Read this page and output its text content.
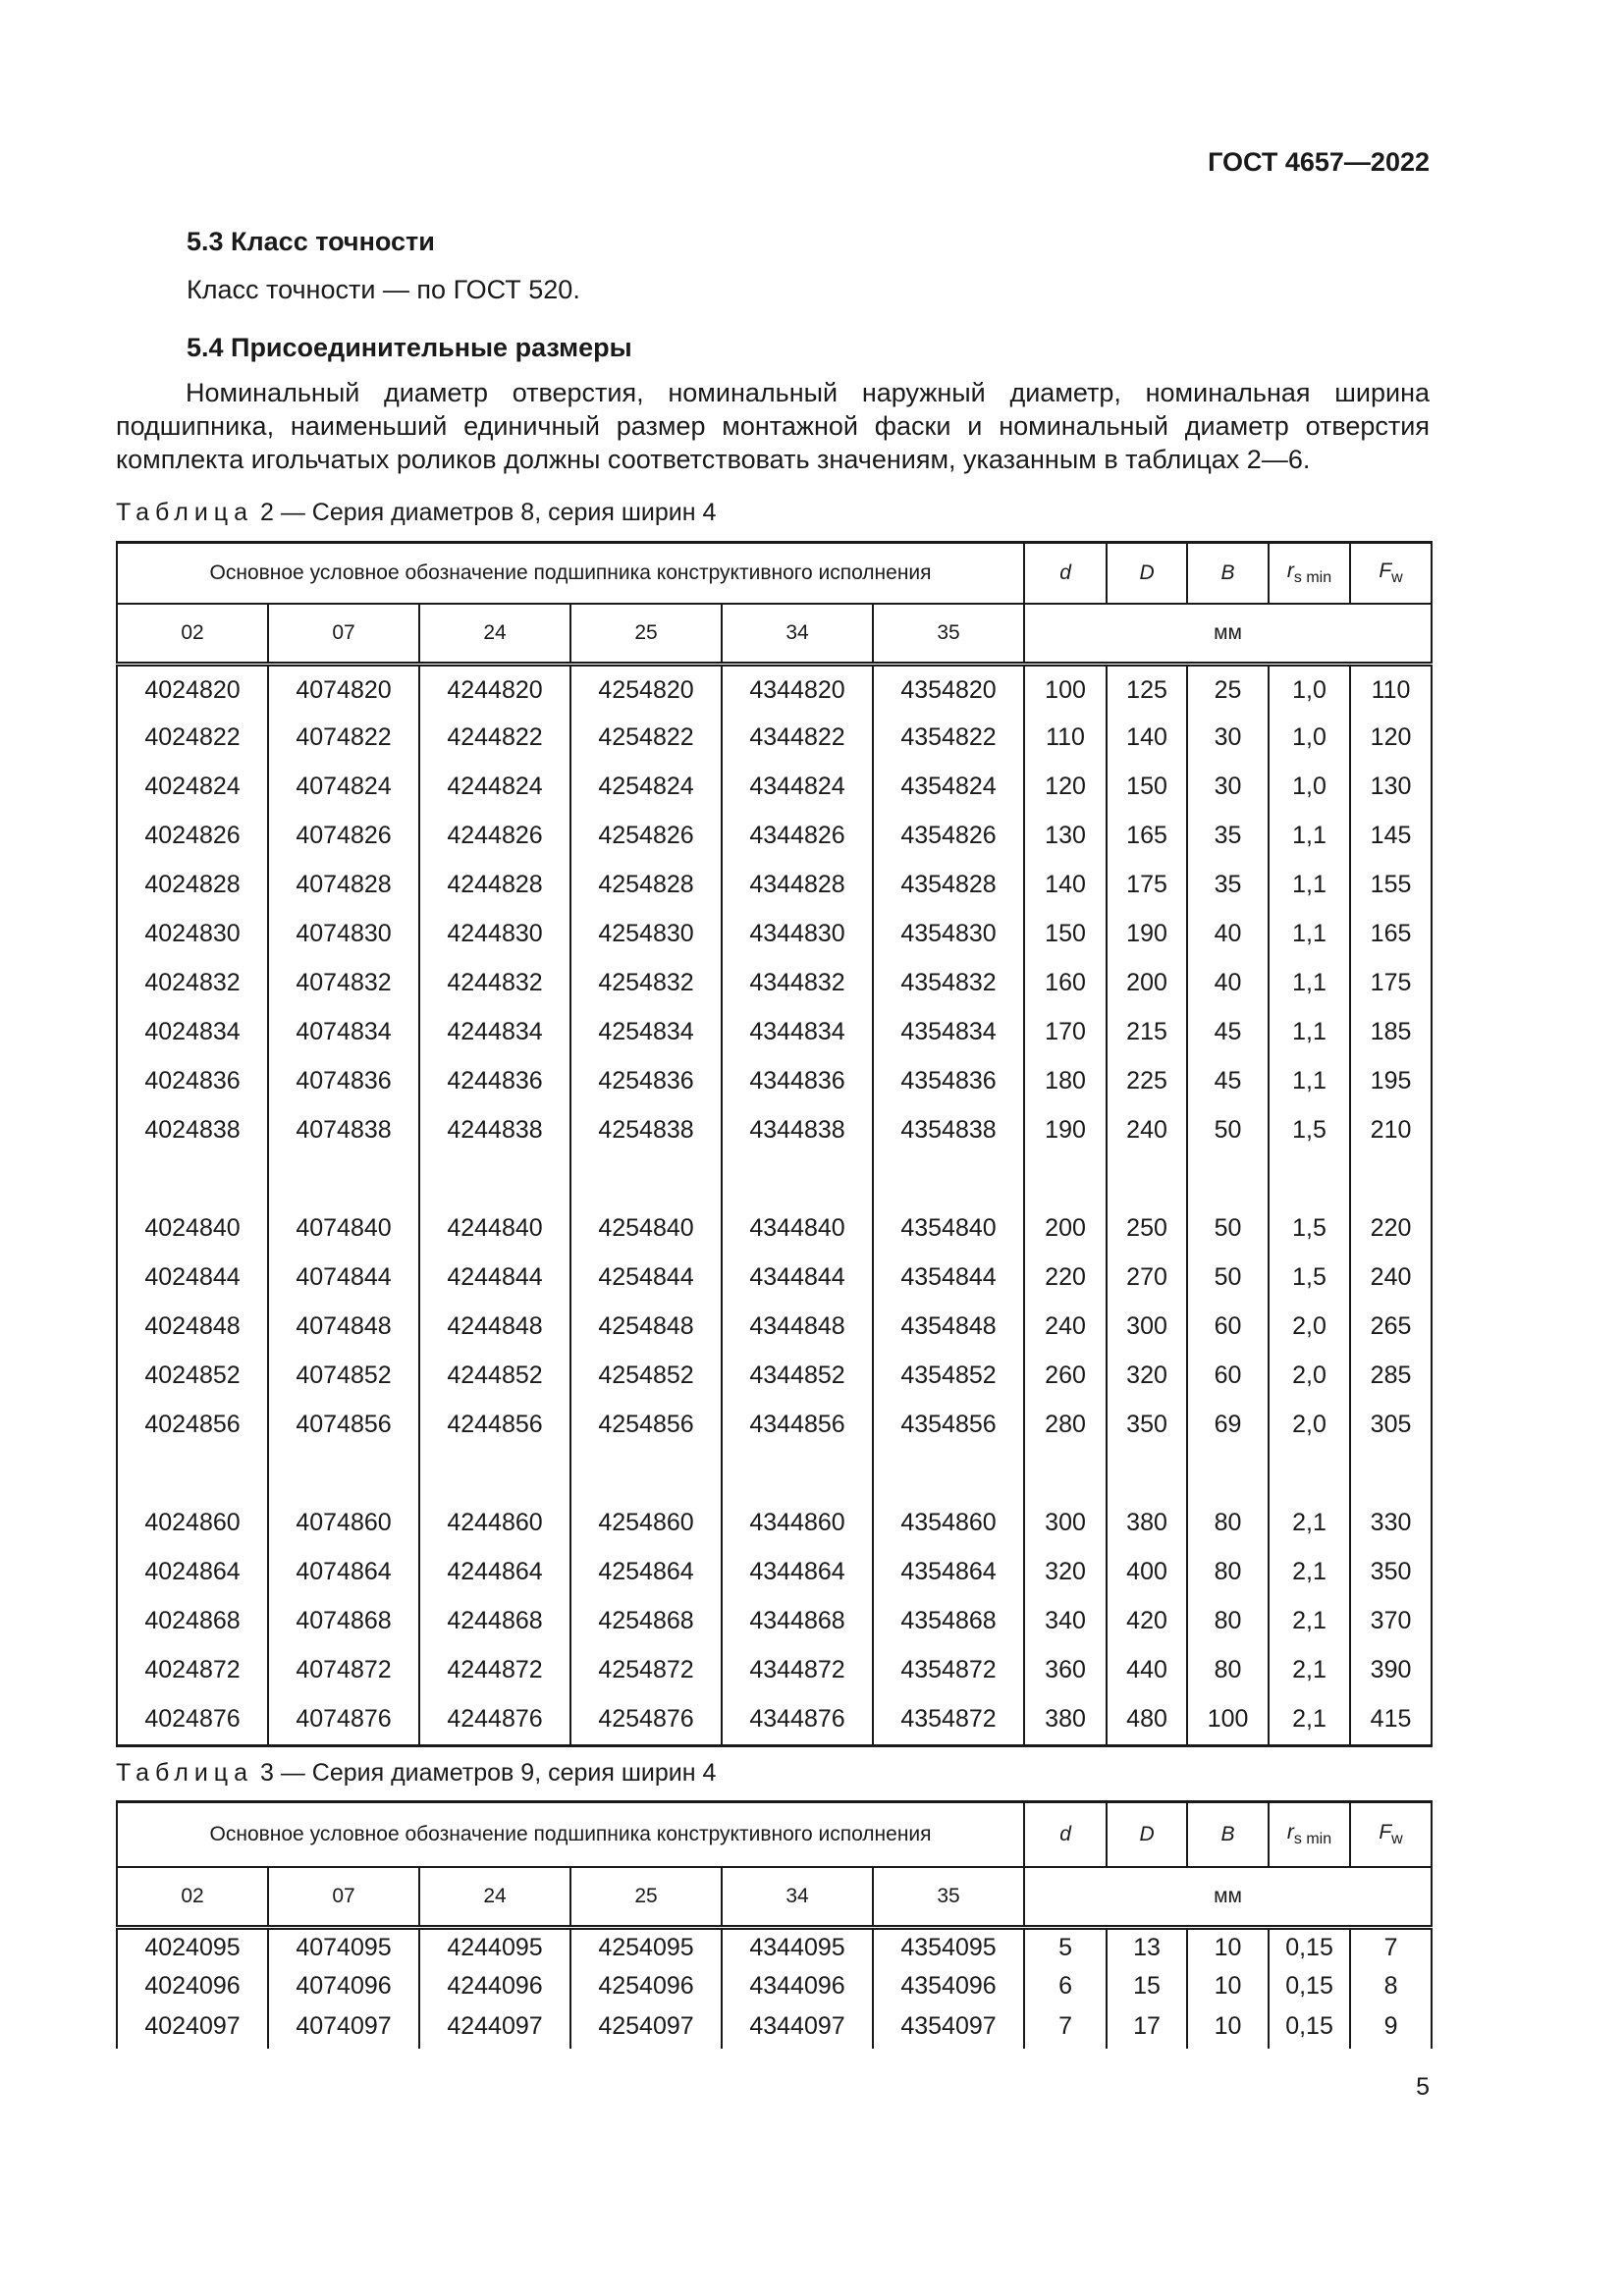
ГОСТ 4657—2022
5.3 Класс точности
Класс точности — по ГОСТ 520.
5.4 Присоединительные размеры
Номинальный диаметр отверстия, номинальный наружный диаметр, номинальная ширина подшипника, наименьший единичный размер монтажной фаски и номинальный диаметр отверстия комплекта игольчатых роликов должны соответствовать значениям, указанным в таблицах 2—6.
Таблица 2 — Серия диаметров 8, серия ширин 4
Основное условное обозначение подшипника конструктивного исполнения						d	D	B	$r_{s min}$	$F_w$
02	07	24	25	34	35	мм				
4024820	4074820	4244820	4254820	4344820	4354820	100	125	25	1,0	110
4024822	4074822	4244822	4254822	4344822	4354822	110	140	30	1,0	120
4024824	4074824	4244824	4254824	4344824	4354824	120	150	30	1,0	130
4024826	4074826	4244826	4254826	4344826	4354826	130	165	35	1,1	145
4024828	4074828	4244828	4254828	4344828	4354828	140	175	35	1,1	155
4024830	4074830	4244830	4254830	4344830	4354830	150	190	40	1,1	165
4024832	4074832	4244832	4254832	4344832	4354832	160	200	40	1,1	175
4024834	4074834	4244834	4254834	4344834	4354834	170	215	45	1,1	185
4024836	4074836	4244836	4254836	4344836	4354836	180	225	45	1,1	195
4024838	4074838	4244838	4254838	4344838	4354838	190	240	50	1,5	210
4024840	4074840	4244840	4254840	4344840	4354840	200	250	50	1,5	220
4024844	4074844	4244844	4254844	4344844	4354844	220	270	50	1,5	240
4024848	4074848	4244848	4254848	4344848	4354848	240	300	60	2,0	265
4024852	4074852	4244852	4254852	4344852	4354852	260	320	60	2,0	285
4024856	4074856	4244856	4254856	4344856	4354856	280	350	69	2,0	305
4024860	4074860	4244860	4254860	4344860	4354860	300	380	80	2,1	330
4024864	4074864	4244864	4254864	4344864	4354864	320	400	80	2,1	350
4024868	4074868	4244868	4254868	4344868	4354868	340	420	80	2,1	370
4024872	4074872	4244872	4254872	4344872	4354872	360	440	80	2,1	390
4024876	4074876	4244876	4254876	4344876	4354872	380	480	100	2,1	415
Таблица 3 — Серия диаметров 9, серия ширин 4
Основное условное обозначение подшипника конструктивного исполнения						d	D	B	$r_{s min}$	$F_w$
02	07	24	25	34	35	мм				
4024095	4074095	4244095	4254095	4344095	4354095	5	13	10	0,15	7
4024096	4074096	4244096	4254096	4344096	4354096	6	15	10	0,15	8
4024097	4074097	4244097	4254097	4344097	4354097	7	17	10	0,15	9
5
